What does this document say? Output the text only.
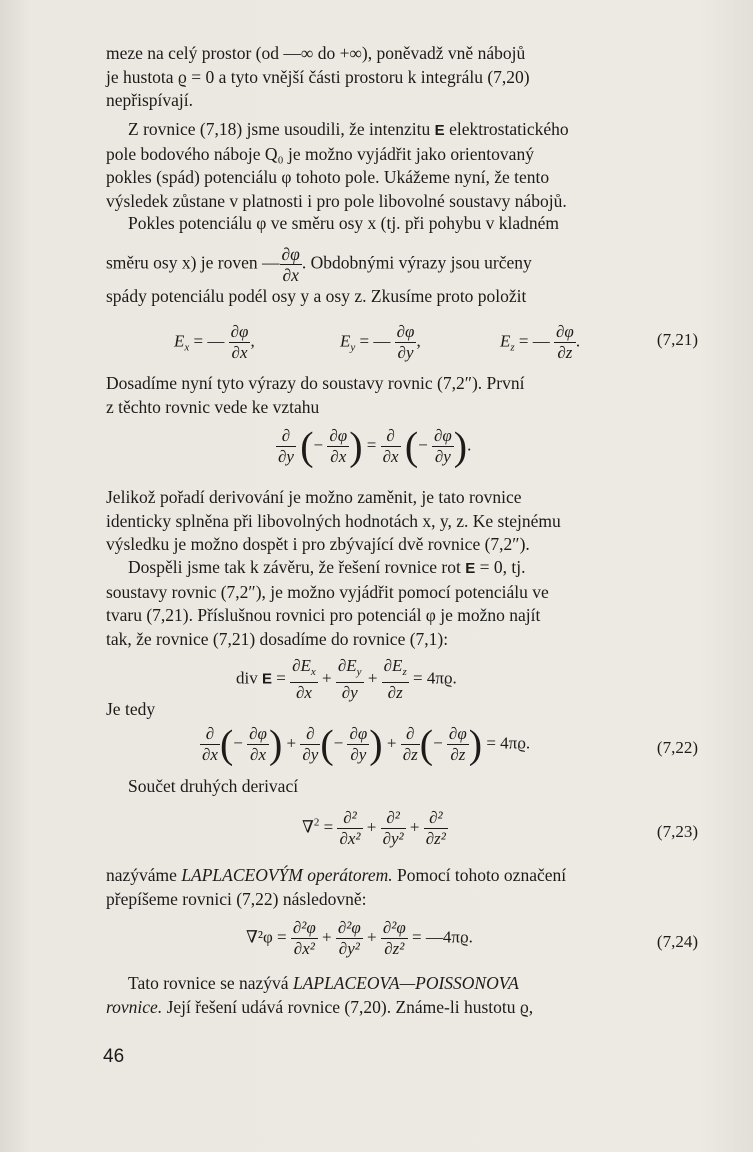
meze na celý prostor (od —∞ do +∞), poněvadž vně nábojů

je hustota ϱ = 0 a tyto vnější části prostoru k integrálu (7,20)

nepřispívají.

Z rovnice (7,18) jsme usoudili, že intenzitu E elektrostatického

pole bodového náboje Q₀ je možno vyjádřit jako orientovaný

pokles (spád) potenciálu φ tohoto pole. Ukážeme nyní, že tento

výsledek zůstane v platnosti i pro pole libovolné soustavy nábojů.

Pokles potenciálu φ ve směru osy x (tj. při pohybu v kladném

směru osy x) je roven — $\frac{\partial\varphi}{\partial x}$ . Obdobnými výrazy jsou určeny

spády potenciálu podél osy y a osy z. Zkusíme proto položit

$E_x$ = — $\frac{\partial\varphi}{\partial x}$ ,	$E_y$ = — $\frac{\partial\varphi}{\partial y}$ ,	$E_z$ = — $\frac{\partial\varphi}{\partial z}$ .	(7,21)

Dosadíme nyní tyto výrazy do soustavy rovnic (7,2″). První

z těchto rovnic vede ke vztahu

$\frac{\partial}{\partial y}$ (− $\frac{\partial\varphi}{\partial x}$ ) = $\frac{\partial}{\partial x}$ (− $\frac{\partial\varphi}{\partial y}$ ).

Jelikož pořadí derivování je možno zaměnit, je tato rovnice

identicky splněna při libovolných hodnotách x, y, z. Ke stejnému

výsledku je možno dospět i pro zbývající dvě rovnice (7,2″).

Dospěli jsme tak k závěru, že řešení rovnice rot E = 0, tj.

soustavy rovnic (7,2″), je možno vyjádřit pomocí potenciálu ve

tvaru (7,21). Příslušnou rovnici pro potenciál φ je možno najít

tak, že rovnice (7,21) dosadíme do rovnice (7,1):

div $E = \frac{\partial E_x}{\partial x} + \frac{\partial E_y}{\partial y} + \frac{\partial E_z}{\partial z} = 4\pi ϱ$.

Je tedy

$\frac{\partial}{\partial x}$ (− $\frac{\partial\varphi}{\partial x}$ ) + $\frac{\partial}{\partial y}$ (− $\frac{\partial\varphi}{\partial y}$ ) + $\frac{\partial}{\partial z}$ (− $\frac{\partial\varphi}{\partial z}$ ) = 4πϱ.	(7,22)

Součet druhých derivací

$\nabla^2 = \frac{\text{∂²}}{\text{∂x²}} + \frac{\text{∂²}}{\text{∂y²}} + \frac{\text{∂²}}{\text{∂z²}}$	(7,23)

nazýváme LAPLACEOVÝM operátorem. Pomocí tohoto označení

přepíšeme rovnici (7,22) následovně:

$\nabla^2\varphi = \frac{\text{∂²φ}}{\text{∂x²}} + \frac{\text{∂²φ}}{\text{∂y²}} + \frac{\text{∂²φ}}{\text{∂z²}}$ = —4πϱ.	(7,24)

Tato rovnice se nazývá LAPLACEOVA—POISSONOVA

rovnice. Její řešení udává rovnice (7,20). Známe-li hustotu ϱ,

46
